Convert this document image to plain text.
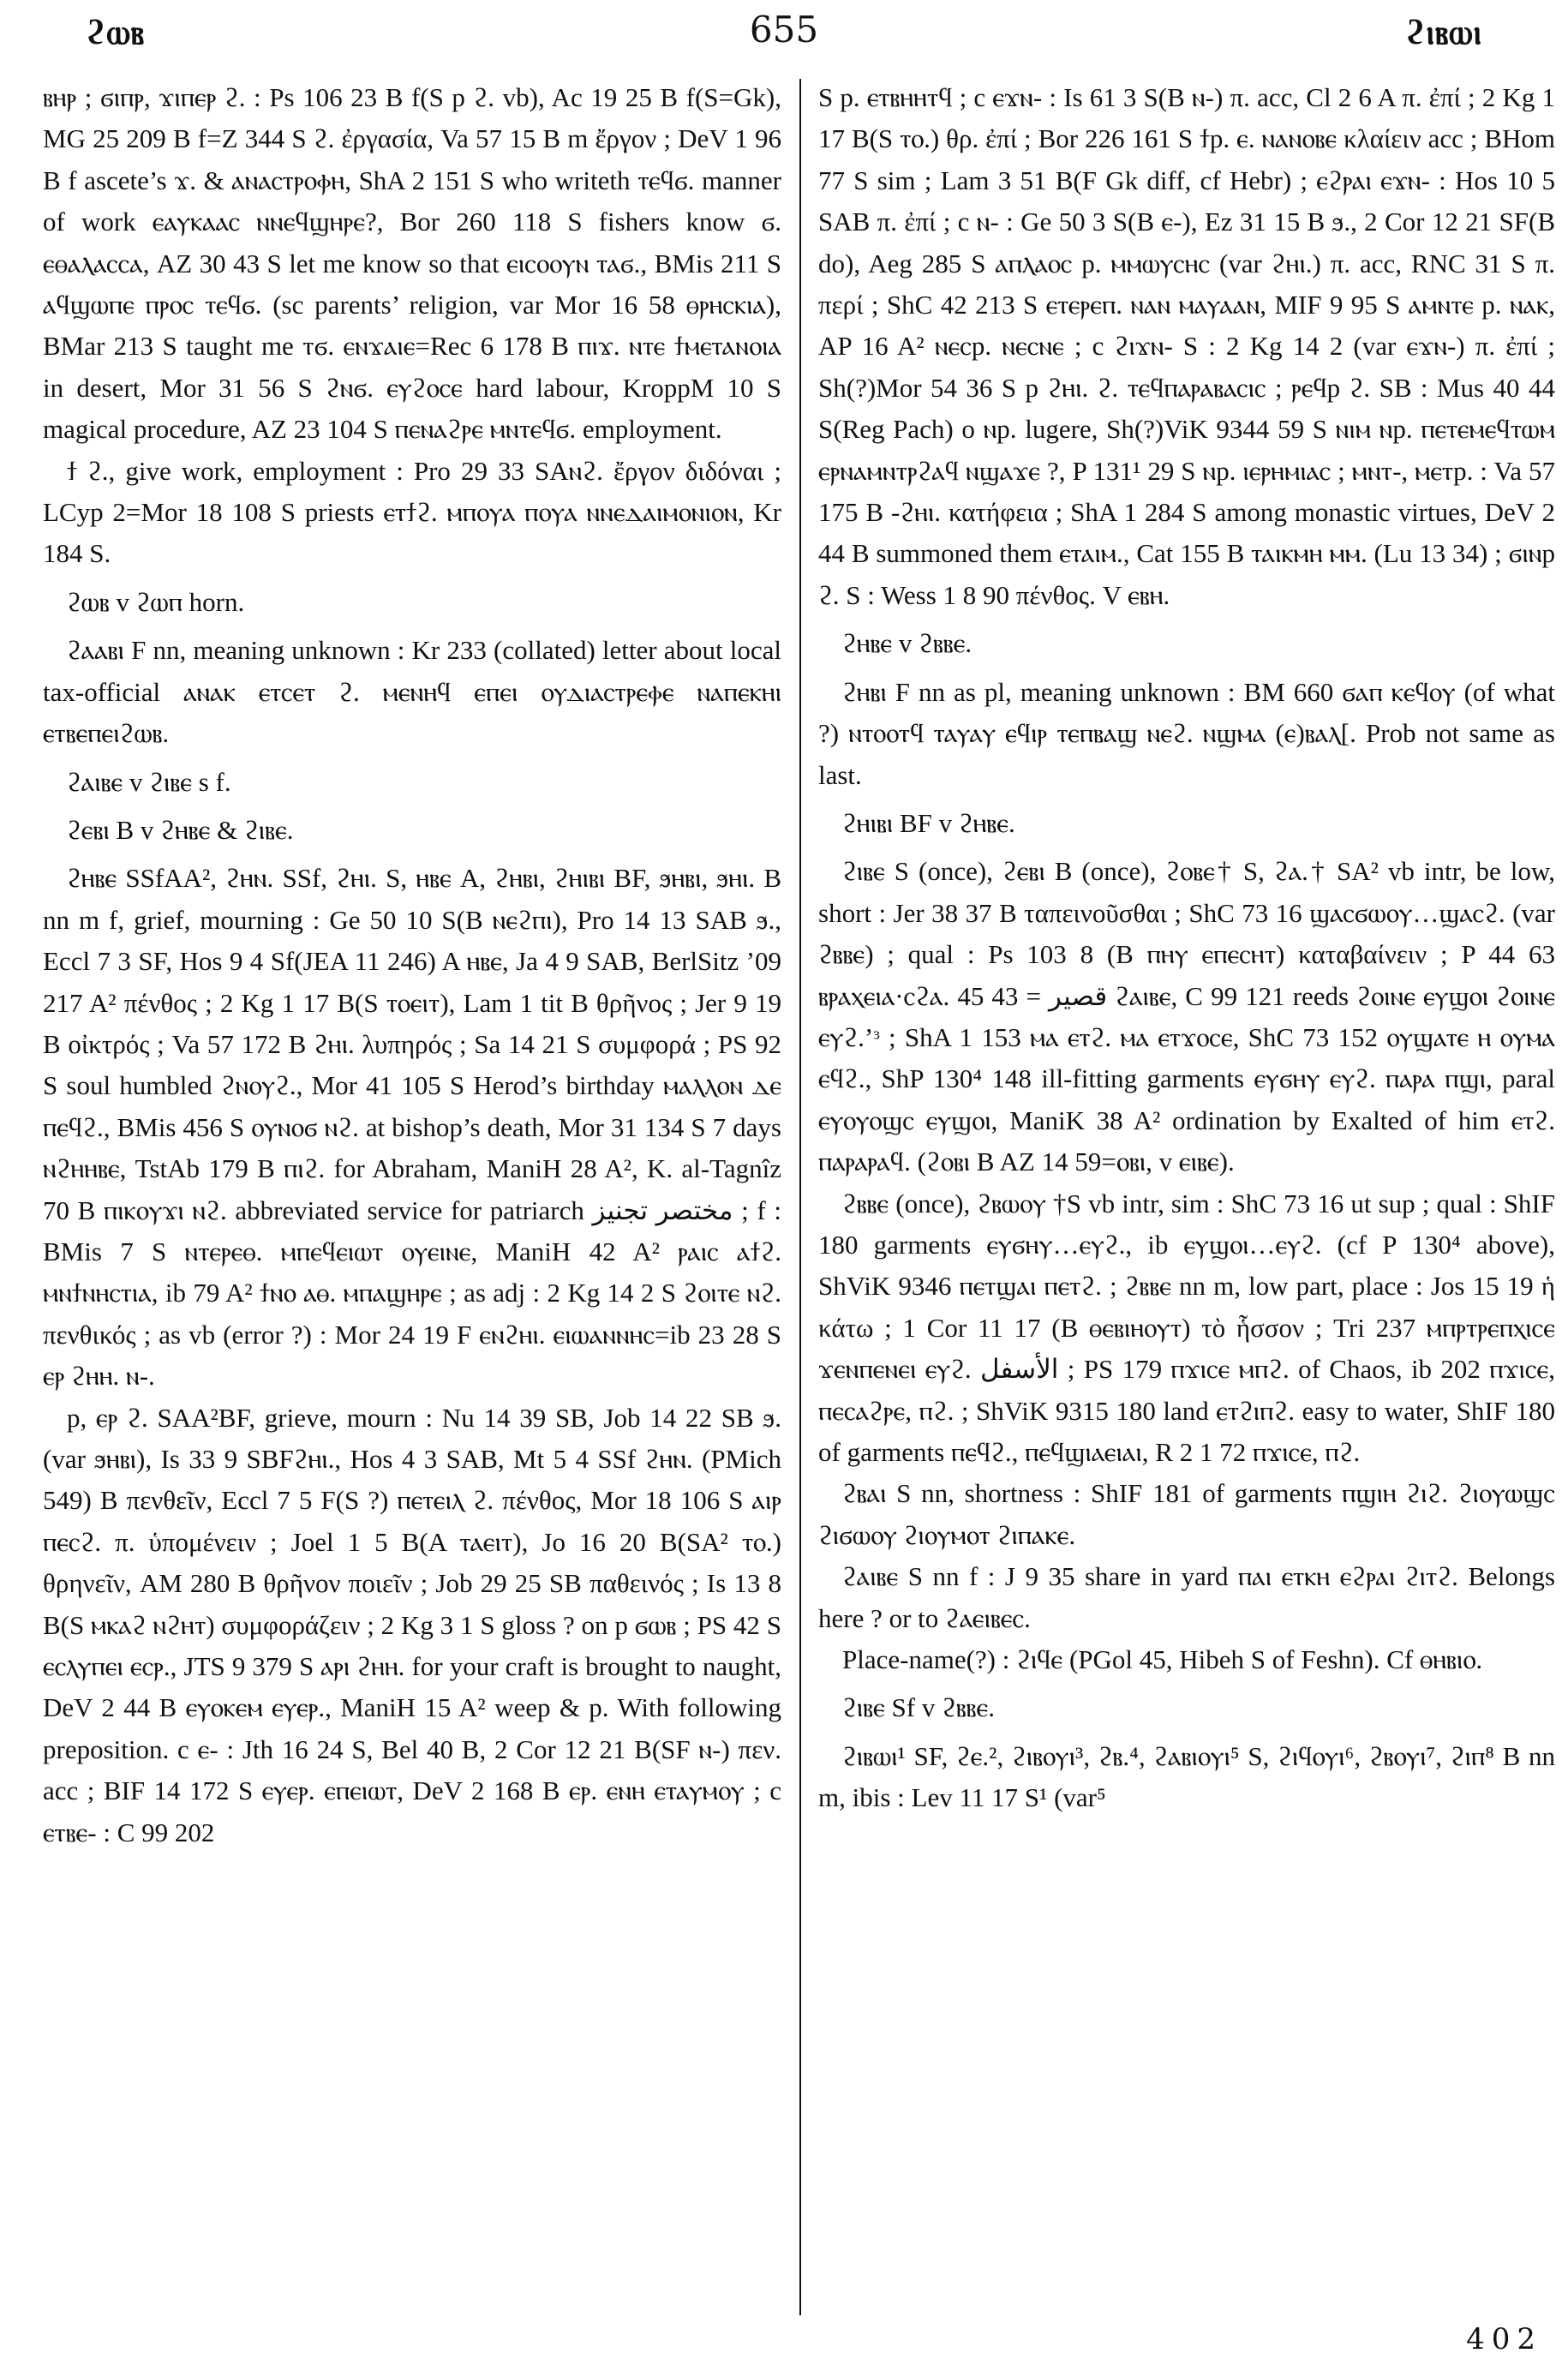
ϩⲱⲃ	655	ϩⲓⲃⲱⲓ

ⲃⲏⲣ ; ϭⲓⲡⲣ, ϫⲓⲡⲉⲣ ϩ. : Ps 106 23 B f(S p ϩ. vb), Ac 19 25 B f(S=Gk), MG 25 209 B f=Z 344 S ϩ. ἐργασία, Va 57 15 B m ἔργον ; DeV 1 96 B f ascete’s ϫ. & ⲁⲛⲁⲥⲧⲣⲟⲫⲏ, ShA 2 151 S who writeth ⲧⲉϥϭ. manner of work ⲉⲁⲩⲕⲁⲁⲥ ⲛⲛⲉϥϣⲏⲣⲉ?, Bor 260 118 S fishers know ϭ. ⲉⲑⲁⲗⲁⲥⲥⲁ, AZ 30 43 S let me know so that ⲉⲓⲥⲟⲟⲩⲛ ⲧⲁϭ., BMis 211 S ⲁϥϣⲱⲡⲉ ⲡⲣⲟⲥ ⲧⲉϥϭ. (sc parents’ religion, var Mor 16 58 ⲑⲣⲏⲥⲕⲓⲁ), BMar 213 S taught me ⲧϭ. ⲉⲛϫⲁⲓⲉ=Rec 6 178 B ⲡⲓϫ. ⲛⲧⲉ ϯⲙⲉⲧⲁⲛⲟⲓⲁ in desert, Mor 31 56 S ϩⲛϭ. ⲉⲩϩⲟⲥⲉ hard labour, KroppM 10 S magical procedure, AZ 23 104 S ⲡⲉⲛⲁϩⲣⲉ ⲙⲛⲧⲉϥϭ. employment.

ϯ ϩ., give work, employment : Pro 29 33 SAⲛϩ. ἔργον διδόναι ; LCyp 2=Mor 18 108 S priests ⲉⲧϯϩ. ⲙⲡⲟⲩⲁ ⲡⲟⲩⲁ ⲛⲛⲉⲇⲁⲓⲙⲟⲛⲓⲟⲛ, Kr 184 S.

ϩⲱⲃ v ϩⲱⲡ horn.

ϩⲁⲁⲃⲓ F nn, meaning unknown : Kr 233 (collated) letter about local tax-official ⲁⲛⲁⲕ ⲉⲧⲥⲉⲧ ϩ. ⲙⲉⲛⲏϥ ⲉⲡⲉⲓ ⲟⲩⲇⲓⲁⲥⲧⲣⲉⲫⲉ ⲛⲁⲡⲉⲕⲏⲓ ⲉⲧⲃⲉⲡⲉⲓϩⲱⲃ.

ϩⲁⲓⲃⲉ v ϩⲓⲃⲉ s f.

ϩⲉⲃⲓ B v ϩⲏⲃⲉ & ϩⲓⲃⲉ.

ϩⲏⲃⲉ SSfAA², ϩⲏⲛ. SSf, ϩⲏⲓ. S, ⲏⲃⲉ A, ϩⲏⲃⲓ, ϩⲏⲓⲃⲓ BF, ϧⲏⲃⲓ, ϧⲏⲓ. B nn m f, grief, mourning : Ge 50 10 S(B ⲛⲉϩⲡⲓ), Pro 14 13 SAB ϧ., Eccl 7 3 SF, Hos 9 4 Sf(JEA 11 246) A ⲏⲃⲉ, Ja 4 9 SAB, BerlSitz ’09 217 A² πένθος ; 2 Kg 1 17 B(S ⲧⲟⲉⲓⲧ), Lam 1 tit B θρῆνος ; Jer 9 19 B οἰκτρός ; Va 57 172 B ϩⲏⲓ. λυπηρός ; Sa 14 21 S συμφορά ; PS 92 S soul humbled ϩⲛⲟⲩϩ., Mor 41 105 S Herod’s birthday ⲙⲁⲗⲗⲟⲛ ⲇⲉ ⲡⲉϥϩ., BMis 456 S ⲟⲩⲛⲟϭ ⲛϩ. at bishop’s death, Mor 31 134 S 7 days ⲛϩⲏⲏⲃⲉ, TstAb 179 B ⲡⲓϩ. for Abraham, ManiH 28 A², K. al-Tagnîz 70 B ⲡⲓⲕⲟⲩϫⲓ ⲛϩ. abbreviated service for patriarch مختصر تجنيز ; f : BMis 7 S ⲛⲧⲉⲣⲉⲑ. ⲙⲡⲉϥⲉⲓⲱⲧ ⲟⲩⲉⲓⲛⲉ, ManiH 42 A² ⲣⲁⲓⲥ ⲁϯϩ. ⲙⲛϯⲛⲏⲥⲧⲓⲁ, ib 79 A² ϯⲛⲟ ⲁⲑ. ⲙⲡⲁϣⲏⲣⲉ ; as adj : 2 Kg 14 2 S ϩⲟⲓⲧⲉ ⲛϩ. πενθικός ; as vb (error ?) : Mor 24 19 F ⲉⲛϩⲏⲓ. ⲉⲓⲱⲁⲛⲛⲏⲥ=ib 23 28 S ⲉⲣ ϩⲏⲏ. ⲛ-.

p, ⲉⲣ ϩ. SAA²BF, grieve, mourn : Nu 14 39 SB, Job 14 22 SB ϧ. (var ϧⲏⲃⲓ), Is 33 9 SBFϩⲏⲓ., Hos 4 3 SAB, Mt 5 4 SSf ϩⲏⲛ. (PMich 549) B πενθεῖν, Eccl 7 5 F(S ?) ⲡⲉⲧⲉⲓⲗ ϩ. πένθος, Mor 18 106 S ⲁⲓⲣ ⲡⲉⲥϩ. π. ὑπομένειν ; Joel 1 5 B(A ⲧⲁⲉⲓⲧ), Jo 16 20 B(SA² ⲧⲟ.) θρηνεῖν, AM 280 B θρῆνον ποιεῖν ; Job 29 25 SB παθεινός ; Is 13 8 B(S ⲙⲕⲁϩ ⲛϩⲏⲧ) συμφοράζειν ; 2 Kg 3 1 S gloss ? on p ϭⲱⲃ ; PS 42 S ⲉⲥⲗⲩⲡⲉⲓ ⲉⲥⲣ., JTS 9 379 S ⲁⲣⲓ ϩⲏⲏ. for your craft is brought to naught, DeV 2 44 B ⲉⲩⲟⲕⲉⲙ ⲉⲩⲉⲣ., ManiH 15 A² weep & p. With following preposition. c ⲉ- : Jth 16 24 S, Bel 40 B, 2 Cor 12 21 B(SF ⲛ-) πεν. acc ; BIF 14 172 S ⲉⲩⲉⲣ. ⲉⲡⲉⲓⲱⲧ, DeV 2 168 B ⲉⲣ. ⲉⲛⲏ ⲉⲧⲁⲩⲙⲟⲩ ; c ⲉⲧⲃⲉ- : C 99 202

S p. ⲉⲧⲃⲏⲏⲧϥ ; c ⲉϫⲛ- : Is 61 3 S(B ⲛ-) π. acc, Cl 2 6 A π. ἐπί ; 2 Kg 1 17 B(S ⲧⲟ.) θρ. ἐπί ; Bor 226 161 S ϯp. ⲉ. ⲛⲁⲛⲟⲃⲉ κλαίειν acc ; BHom 77 S sim ; Lam 3 51 B(F Gk diff, cf Hebr) ; ⲉϩⲣⲁⲓ ⲉϫⲛ- : Hos 10 5 SAB π. ἐπί ; c ⲛ- : Ge 50 3 S(B ⲉ-), Ez 31 15 B ϧ., 2 Cor 12 21 SF(B do), Aeg 285 S ⲁⲡⲗⲁⲟⲥ p. ⲙⲙⲱⲩⲥⲏⲥ (var ϩⲏⲓ.) π. acc, RNC 31 S π. περί ; ShC 42 213 S ⲉⲧⲉⲣⲉⲡ. ⲛⲁⲛ ⲙⲁⲩⲁⲁⲛ, MIF 9 95 S ⲁⲙⲛⲧⲉ p. ⲛⲁⲕ, AP 16 A² ⲛⲉⲥp. ⲛⲉⲥⲛⲉ ; c ϩⲓϫⲛ- S : 2 Kg 14 2 (var ⲉϫⲛ-) π. ἐπί ; Sh(?)Mor 54 36 S p ϩⲏⲓ. ϩ. ⲧⲉϥⲡⲁⲣⲁⲃⲁⲥⲓⲥ ; ⲣⲉϥp ϩ. SB : Mus 40 44 S(Reg Pach) o ⲛp. lugere, Sh(?)ViK 9344 59 S ⲛⲓⲙ ⲛp. ⲡⲉⲧⲉⲙⲉϥⲧⲱⲙ ⲉⲣⲛⲁⲙⲛⲧⲣϩⲁϥ ⲛϣⲁϫⲉ ?, P 131¹ 29 S ⲛp. ⲓⲉⲣⲏⲙⲓⲁⲥ ; ⲙⲛⲧ-, ⲙⲉⲧp. : Va 57 175 B -ϩⲏⲓ. κατήφεια ; ShA 1 284 S among monastic virtues, DeV 2 44 B summoned them ⲉⲧⲁⲓⲙ., Cat 155 B ⲧⲁⲓⲕⲙⲏ ⲙⲙ. (Lu 13 34) ; ϭⲓⲛp ϩ. S : Wess 1 8 90 πένθος. V ⲉⲃⲏ.

ϩⲏⲃⲉ v ϩⲃⲃⲉ.

ϩⲏⲃⲓ F nn as pl, meaning unknown : BM 660 ϭⲁⲡ ⲕⲉϥⲟⲩ (of what ?) ⲛⲧⲟⲟⲧϥ ⲧⲁⲩⲁⲩ ⲉϥⲓⲣ ⲧⲉⲡⲃⲁϣ ⲛⲉϩ. ⲛϣⲙⲁ (ⲉ)ⲃⲁⲗ[. Prob not same as last.

ϩⲏⲓⲃⲓ BF v ϩⲏⲃⲉ.

ϩⲓⲃⲉ S (once), ϩⲉⲃⲓ B (once), ϩⲟⲃⲉ† S, ϩⲁ.† SA² vb intr, be low, short : Jer 38 37 B ταπεινοῦσθαι ; ShC 73 16 ϣⲁⲥϭⲱⲟⲩ…ϣⲁⲥϩ. (var ϩⲃⲃⲉ) ; qual : Ps 103 8 (B ⲡⲏⲩ ⲉⲡⲉⲥⲏⲧ) καταβαίνειν ; P 44 63 ⲃⲣⲁⲭⲉⲓⲁ·ⲥϩⲁ. قصير = 43 45 ϩⲁⲓⲃⲉ, C 99 121 reeds ϩⲟⲓⲛⲉ ⲉⲩϣⲟⲓ ϩⲟⲓⲛⲉ ⲉⲩϩ.’ᶟ ; ShA 1 153 ⲙⲁ ⲉⲧϩ. ⲙⲁ ⲉⲧϫⲟⲥⲉ, ShC 73 152 ⲟⲩϣⲁⲧⲉ ⲏ ⲟⲩⲙⲁ ⲉϥϩ., ShP 130⁴ 148 ill-fitting garments ⲉⲩϭⲏⲩ ⲉⲩϩ. ⲡⲁⲣⲁ ⲡϣⲓ, paral ⲉⲩⲟⲩⲟϣⲥ ⲉⲩϣⲟⲓ, ManiK 38 A² ordination by Exalted of him ⲉⲧϩ. ⲡⲁⲣⲁⲣⲁϥ. (ϩⲟⲃⲓ B AZ 14 59=ⲟⲃⲓ, v ⲉⲓⲃⲉ).

ϩⲃⲃⲉ (once), ϩⲃⲱⲟⲩ †S vb intr, sim : ShC 73 16 ut sup ; qual : ShIF 180 garments ⲉⲩϭⲏⲩ…ⲉⲩϩ., ib ⲉⲩϣⲟⲓ…ⲉⲩϩ. (cf P 130⁴ above), ShViK 9346 ⲡⲉⲧϣⲁⲓ ⲡⲉⲧϩ. ; ϩⲃⲃⲉ nn m, low part, place : Jos 15 19 ἡ κάτω ; 1 Cor 11 17 (B ⲑⲉⲃⲓⲏⲟⲩⲧ) τὸ ἧσσον ; Tri 237 ⲙⲡⲣⲧⲣⲉⲡⲭⲓⲥⲉ ϫⲉⲛⲡⲉⲛⲉⲓ ⲉⲩϩ. الأسفل ; PS 179 ⲡϫⲓⲥⲉ ⲙⲡϩ. of Chaos, ib 202 ⲡϫⲓⲥⲉ, ⲡⲉⲥⲁϩⲣⲉ, ⲡϩ. ; ShViK 9315 180 land ⲉⲧϩⲓⲡϩ. easy to water, ShIF 180 of garments ⲡⲉϥϩ., ⲡⲉϥϣⲓⲁⲉⲓⲁⲓ, R 2 1 72 ⲡϫⲓⲥⲉ, ⲡϩ.

ϩⲃⲁⲓ S nn, shortness : ShIF 181 of garments ⲡϣⲓⲏ ϩⲓϩ. ϩⲓⲟⲩⲱϣⲥ ϩⲓϭⲱⲟⲩ ϩⲓⲟⲩⲙⲟⲧ ϩⲓⲡⲁⲕⲉ.

ϩⲁⲓⲃⲉ S nn f : J 9 35 share in yard ⲡⲁⲓ ⲉⲧⲕⲏ ⲉϩⲣⲁⲓ ϩⲓⲧϩ. Belongs here ? or to ϩⲁⲉⲓⲃⲉⲥ.

Place-name(?) : ϩⲓϥⲉ (PGol 45, Hibeh S of Feshn). Cf ⲑⲏⲃⲓⲟ.

ϩⲓⲃⲉ Sf v ϩⲃⲃⲉ.

ϩⲓⲃⲱⲓ¹ SF, ϩⲉ.², ϩⲓⲃⲟⲩⲓ³, ϩⲃ.⁴, ϩⲁⲃⲓⲟⲩⲓ⁵ S, ϩⲓϥⲟⲩⲓ⁶, ϩⲃⲟⲩⲓ⁷, ϩⲓⲡ⁸ B nn m, ibis : Lev 11 17 S¹ (var⁵

402
